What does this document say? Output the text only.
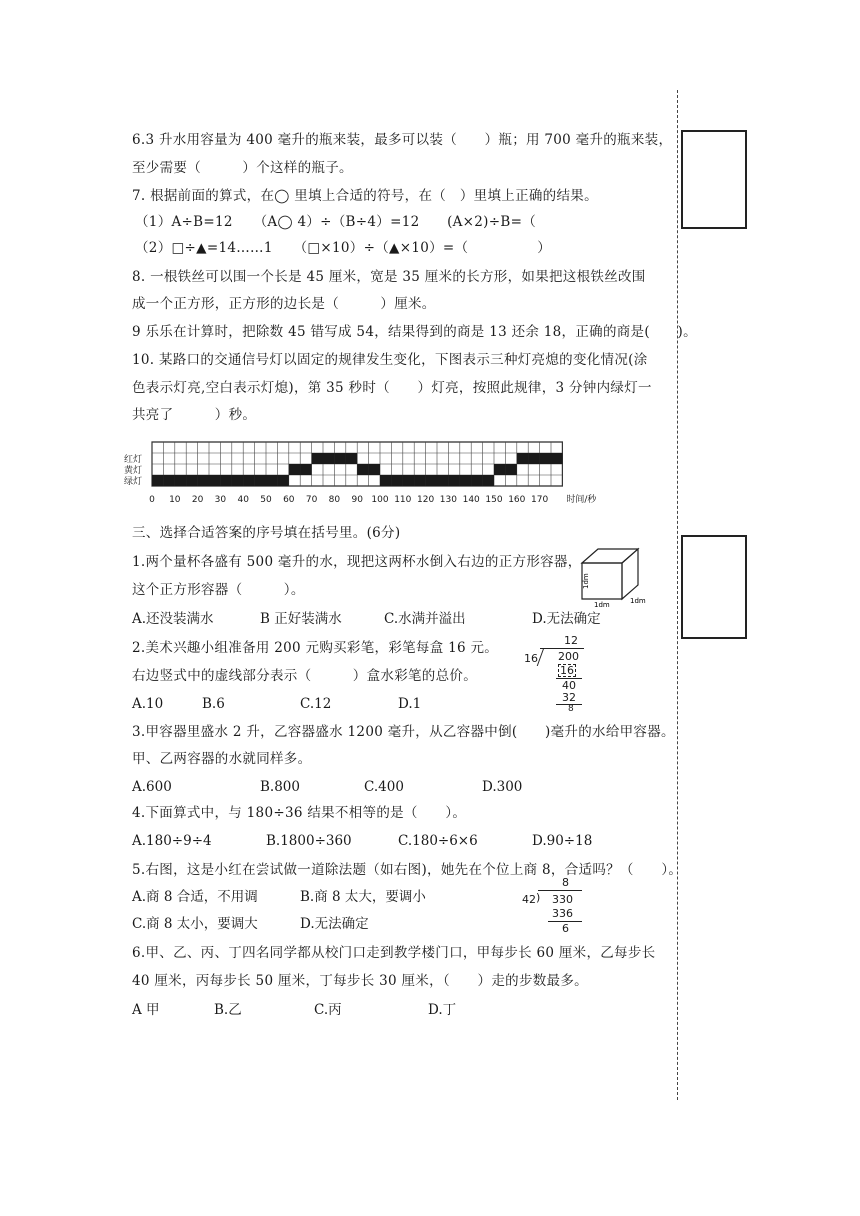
6.3 升水用容量为 400 毫升的瓶来装，最多可以装（　　）瓶；用 700 毫升的瓶来装，
至少需要（　　　）个这样的瓶子。
7. 根据前面的算式，在◯ 里填上合适的符号，在（　）里填上正确的结果。
（1）A÷B=12　　（A◯ 4）÷（B÷4）=12　　(A×2)÷B=（
（2）□÷▲=14……1　　（□×10）÷（▲×10）=（　　　　　）
8. 一根铁丝可以围一个长是 45 厘米，宽是 35 厘米的长方形，如果把这根铁丝改围
成一个正方形，正方形的边长是（　　　）厘米。
9 乐乐在计算时，把除数 45 错写成 54，结果得到的商是 13 还余 18，正确的商是(　　)。
10. 某路口的交通信号灯以固定的规律发生变化，下图表示三种灯亮熄的变化情况(涂
色表示灯亮,空白表示灯熄)，第 35 秒时（　　）灯亮，按照此规律，3 分钟内绿灯一
共亮了　　　）秒。
红灯
黄灯
绿灯
0 10 20 30 40 50 60 70 80 90 100 110 120 130 140 150 160 170 时间/秒
三、选择合适答案的序号填在括号里。(6分)
1.两个量杯各盛有 500 毫升的水，现把这两杯水倒入右边的正方形容器，
这个正方形容器（　　　）。
1dm
1dm	1dm
A.还没装满水	B 正好装满水	C.水满并溢出	D.无法确定
2.美术兴趣小组准备用 200 元购买彩笔，彩笔每盒 16 元。
右边竖式中的虚线部分表示（　　　）盒水彩笔的总价。
A.10	B.6	C.12	D.1
12
16 200
16
40
32
8
3.甲容器里盛水 2 升，乙容器盛水 1200 毫升，从乙容器中倒(　　)毫升的水给甲容器。
甲、乙两容器的水就同样多。
A.600	B.800	C.400	D.300
4.下面算式中，与 180÷36 结果不相等的是（　　）。
A.180÷9÷4	B.1800÷360	C.180÷6×6	D.90÷18
5.右图，这是小红在尝试做一道除法题（如右图)，她先在个位上商 8，合适吗？（　　）。
A.商 8 合适，不用调	B.商 8 太大，要调小
C.商 8 太小，要调大	D.无法确定
8
42 ) 330
336
6
6.甲、乙、丙、丁四名同学都从校门口走到教学楼门口，甲每步长 60 厘米，乙每步长
40 厘米，丙每步长 50 厘米，丁每步长 30 厘米，（　　）走的步数最多。
A 甲	B.乙	C.丙	D.丁
